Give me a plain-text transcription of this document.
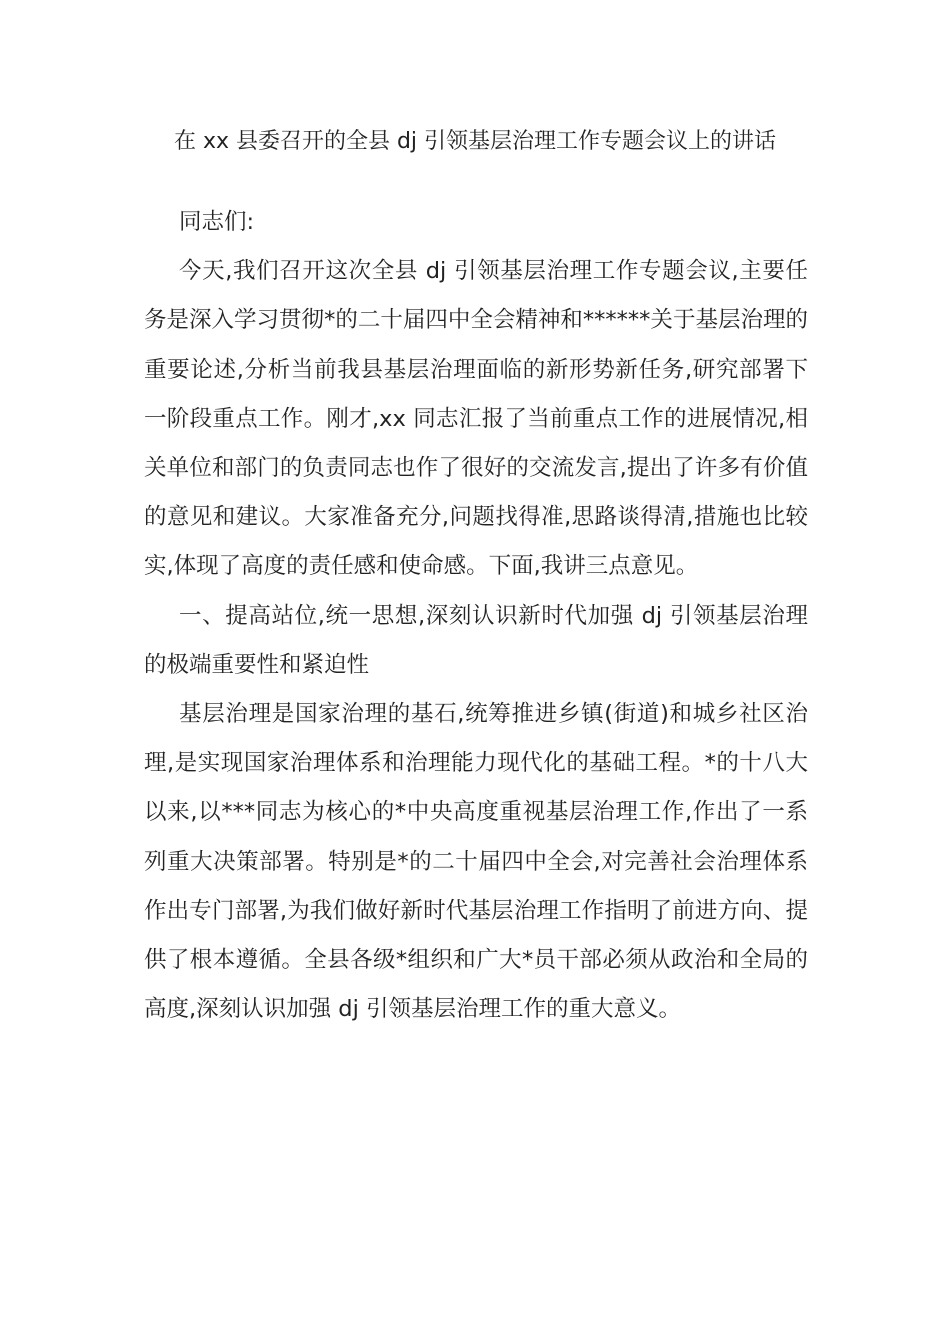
在 xx 县委召开的全县 dj 引领基层治理工作专题会议上的讲话

同志们:

今天,我们召开这次全县 dj 引领基层治理工作专题会议,主要任务是深入学习贯彻*的二十届四中全会精神和******关于基层治理的重要论述,分析当前我县基层治理面临的新形势新任务,研究部署下一阶段重点工作。刚才,xx 同志汇报了当前重点工作的进展情况,相关单位和部门的负责同志也作了很好的交流发言,提出了许多有价值的意见和建议。大家准备充分,问题找得准,思路谈得清,措施也比较实,体现了高度的责任感和使命感。下面,我讲三点意见。

一、提高站位,统一思想,深刻认识新时代加强 dj 引领基层治理的极端重要性和紧迫性

基层治理是国家治理的基石,统筹推进乡镇(街道)和城乡社区治理,是实现国家治理体系和治理能力现代化的基础工程。*的十八大以来,以***同志为核心的*中央高度重视基层治理工作,作出了一系列重大决策部署。特别是*的二十届四中全会,对完善社会治理体系作出专门部署,为我们做好新时代基层治理工作指明了前进方向、提供了根本遵循。全县各级*组织和广大*员干部必须从政治和全局的高度,深刻认识加强 dj 引领基层治理工作的重大意义。
